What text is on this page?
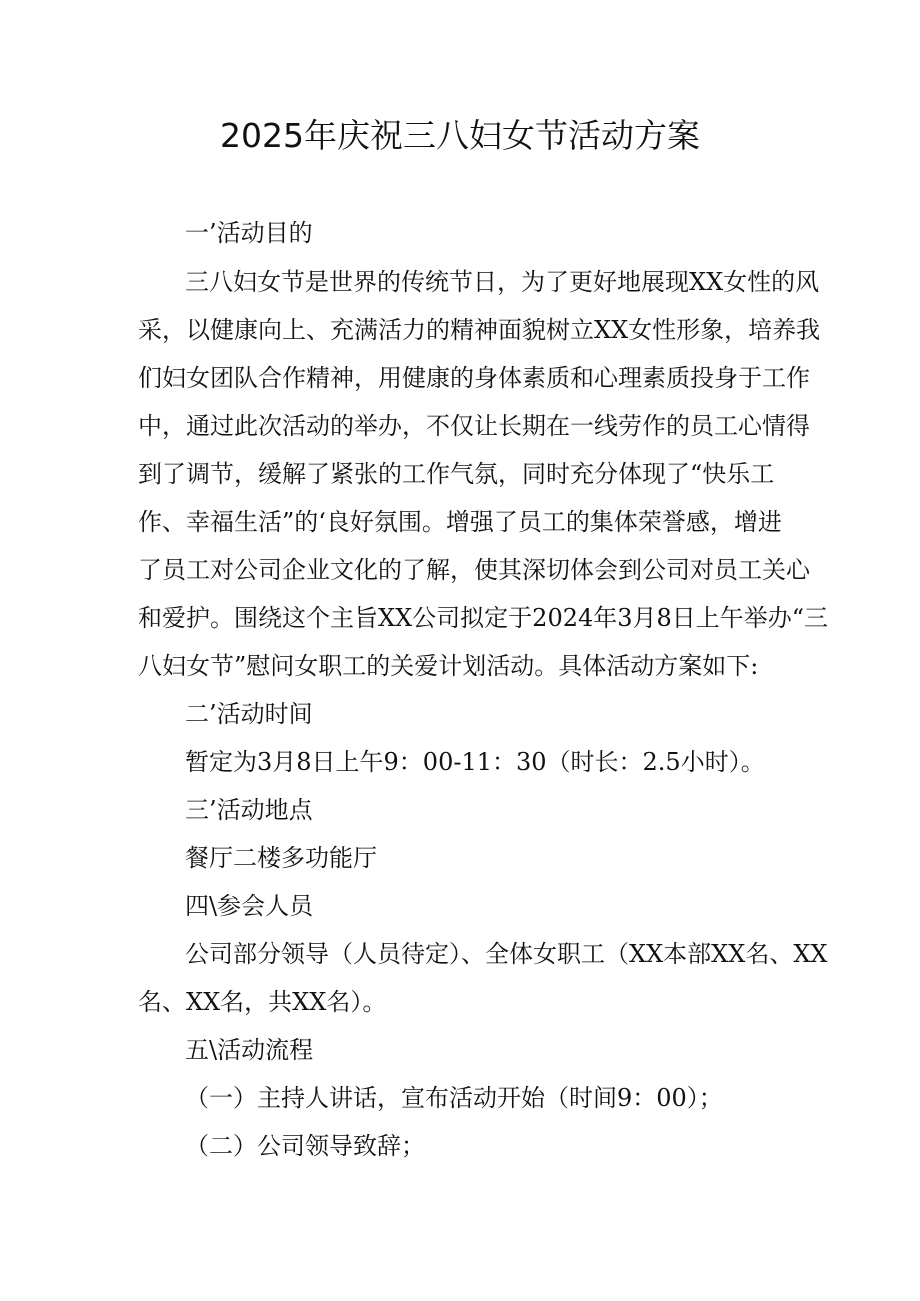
2025年庆祝三八妇女节活动方案

一’活动目的

三八妇女节是世界的传统节日，为了更好地展现XX女性的风

采，以健康向上、充满活力的精神面貌树立XX女性形象，培养我

们妇女团队合作精神，用健康的身体素质和心理素质投身于工作

中，通过此次活动的举办，不仅让长期在一线劳作的员工心情得

到了调节，缓解了紧张的工作气氛，同时充分体现了“快乐工

作、幸福生活”的‘良好氛围。增强了员工的集体荣誉感，增进

了员工对公司企业文化的了解，使其深切体会到公司对员工关心

和爱护。围绕这个主旨XX公司拟定于2024年3月8日上午举办“三

八妇女节”慰问女职工的关爱计划活动。具体活动方案如下:

二’活动时间

暂定为3月8日上午9：00-11：30（时长：2.5小时）。

三’活动地点

餐厅二楼多功能厅

四\参会人员

公司部分领导（人员待定）、全体女职工（XX本部XX名、XX

名、XX名，共XX名）。

五\活动流程

（一）主持人讲话，宣布活动开始（时间9：00）；

（二）公司领导致辞；
